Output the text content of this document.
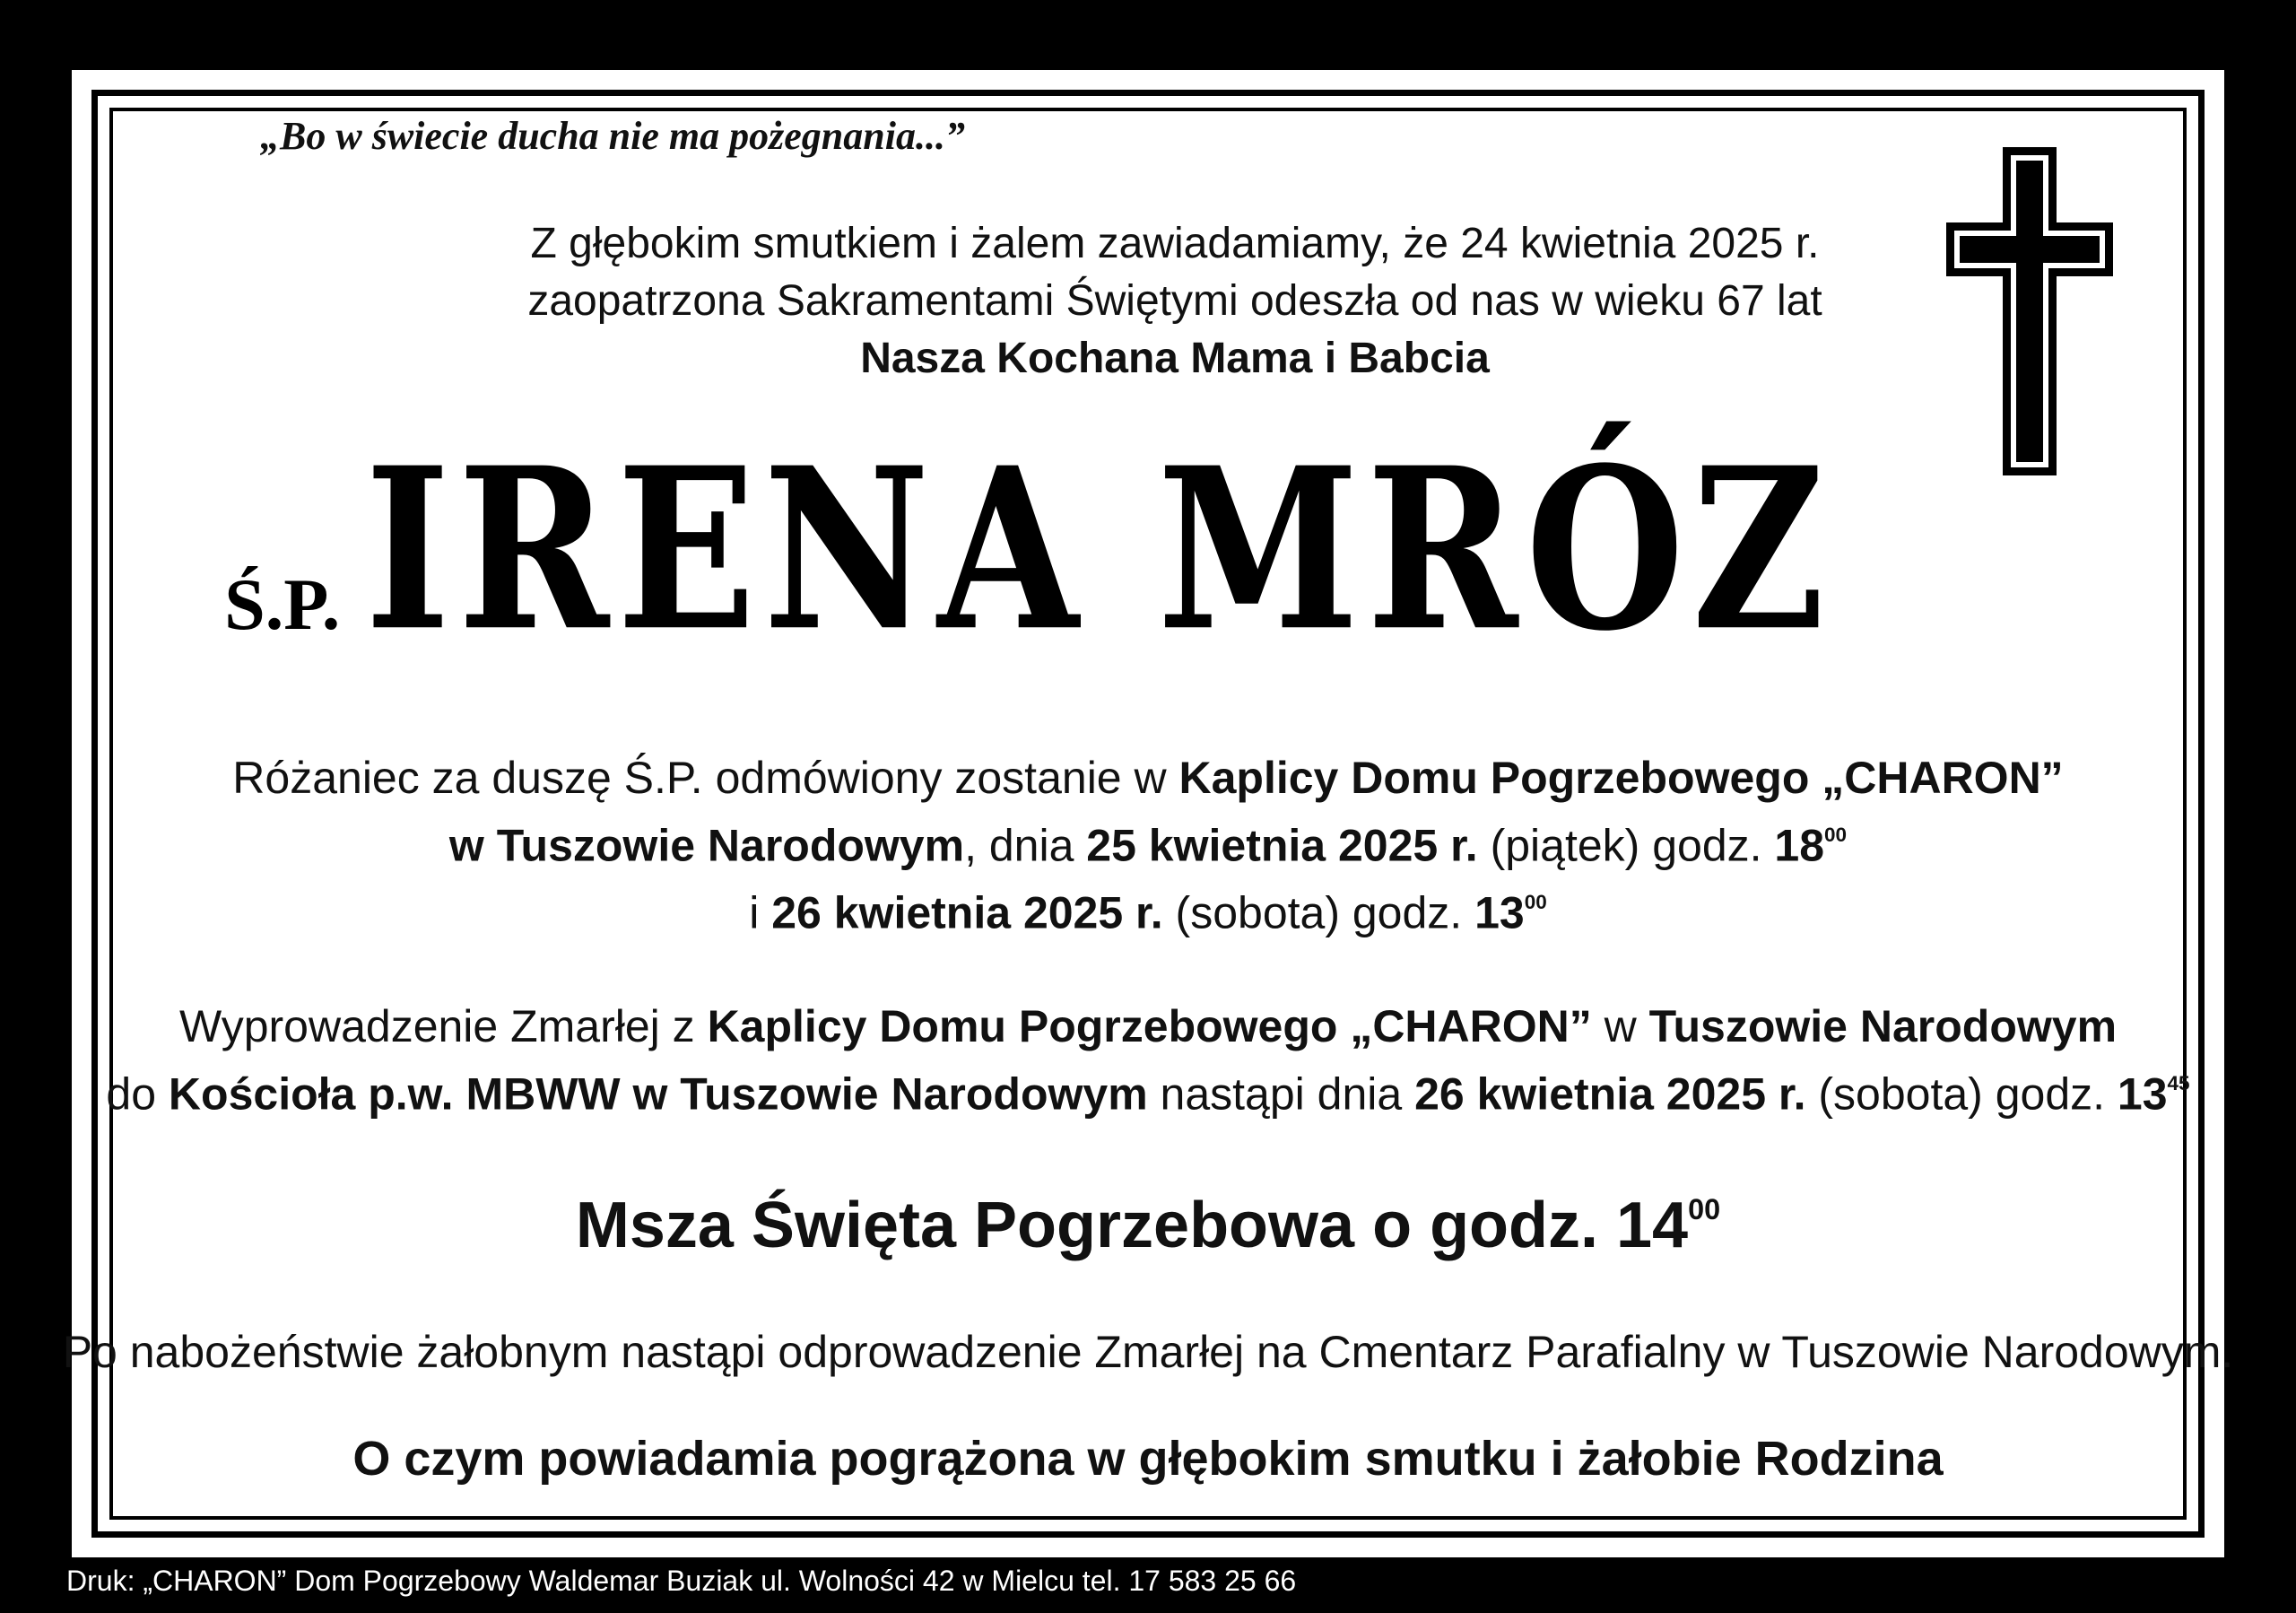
„Bo w świecie ducha nie ma pożegnania...”
Z głębokim smutkiem i żalem zawiadamiamy, że 24 kwietnia 2025 r.
zaopatrzona Sakramentami Świętymi odeszła od nas w wieku 67 lat
Nasza Kochana Mama i Babcia
Ś.P. IRENA MRÓZ
Różaniec za duszę Ś.P. odmówiony zostanie w Kaplicy Domu Pogrzebowego „CHARON”
w Tuszowie Narodowym, dnia 25 kwietnia 2025 r. (piątek) godz. $18^{00}$
i 26 kwietnia 2025 r. (sobota) godz. $13^{00}$
Wyprowadzenie Zmarłej z Kaplicy Domu Pogrzebowego „CHARON” w Tuszowie Narodowym
do Kościoła p.w. MBWW w Tuszowie Narodowym nastąpi dnia 26 kwietnia 2025 r. (sobota) godz. $13^{45}$
Msza Święta Pogrzebowa o godz. $14^{00}$
Po nabożeństwie żałobnym nastąpi odprowadzenie Zmarłej na Cmentarz Parafialny w Tuszowie Narodowym.
O czym powiadamia pogrążona w głębokim smutku i żałobie Rodzina
Druk: „CHARON” Dom Pogrzebowy Waldemar Buziak ul. Wolności 42 w Mielcu tel. 17 583 25 66
